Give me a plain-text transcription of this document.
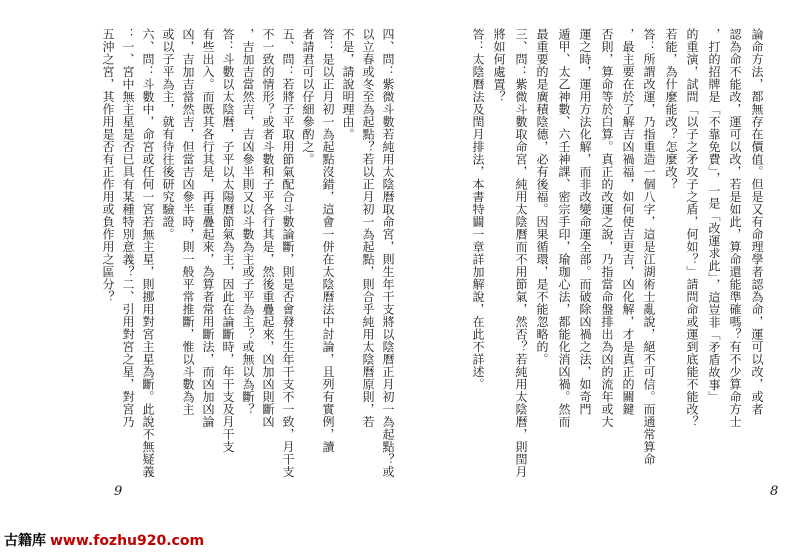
五沖之宮，其作用是否有正作用或負作用之區分？ ：一、宮中無主星是否已具有某種特別意義？二、引用對宮之星，對宮乃 六、問：斗數中，命宮或任何一宮若無主星，則挪用對宮主星為斷。此說不無疑義 或以子平為主，就有待往後研究驗證。 凶，吉加吉當然吉，但當吉凶參半時，則一般平常推斷，惟以斗數為主 有些出入。而既其各行其是，再重疊起來，為算者常用斷法，而凶加凶論 答：斗數以太陰曆，子平以太陽曆節氣為主，因此在論斷時，年干支及月干支 ，吉加吉當然吉，吉凶參半則又以斗數為主或子平為主？或無以為斷？ 不一致的情形？或者斗數和子平各行其是，然後重疊起來，凶加凶則斷凶 五、問：若將子平取用節氣配合斗數論斷，則是否會發生生年干支不一致，月干支 者請君可以仔細參酌之。 答：是以正月初一為起點沒錯，這會一併在太陰曆法中討論，且列有實例，讀 不是，請說明理由。 以立春或冬至為起點？若以正月初一為起點，則合乎純用太陰曆原則，若 四、問：紫微斗數若純用太陰曆取命宮，則生年干支將以陰曆正月初一為起點？或	論命方法，都無存在價值。但是又有命理學者認為命，運可以改，或者
認為命不能改，運可以改，若是如此，算命還能準確嗎？有不少算命方士
，打的招牌是「不靠免費」，一是「改運求此」，這豈非「矛盾故事」
的重演，試問「以子之矛攻子之盾，何如？」請問命或運到底能不能改？
若能，為什麼能改？怎麼改？
答：所謂改運，乃指重造一個八字，這是江湖術士亂說，絕不可信。而通常算命
，最主要在於了解吉凶禍福，如何使吉更吉，凶化解，才是真正的關鍵
否則，算命等於白算。真正的改運之說，乃指當命盤排出為凶的流年或大
運之時，運用方法化解，而非改變命運全部。而破除凶禍之法，如奇門
遁甲、太乙神數、六壬神課、密宗手印，瑜珈心法，都能化消凶禍。然而
最重要的是廣積陰德，必有後福。因果循環，是不能忽略的。
三、問：紫微斗數取命宮，純用太陰曆而不用節氣，然否？若純用太陰曆，則閏月
將如何處置？
答：太陰曆法及閏月排法，本書特闢一章詳加解說，在此不詳述。
9	8
古籍库 www.fozhu920.com
